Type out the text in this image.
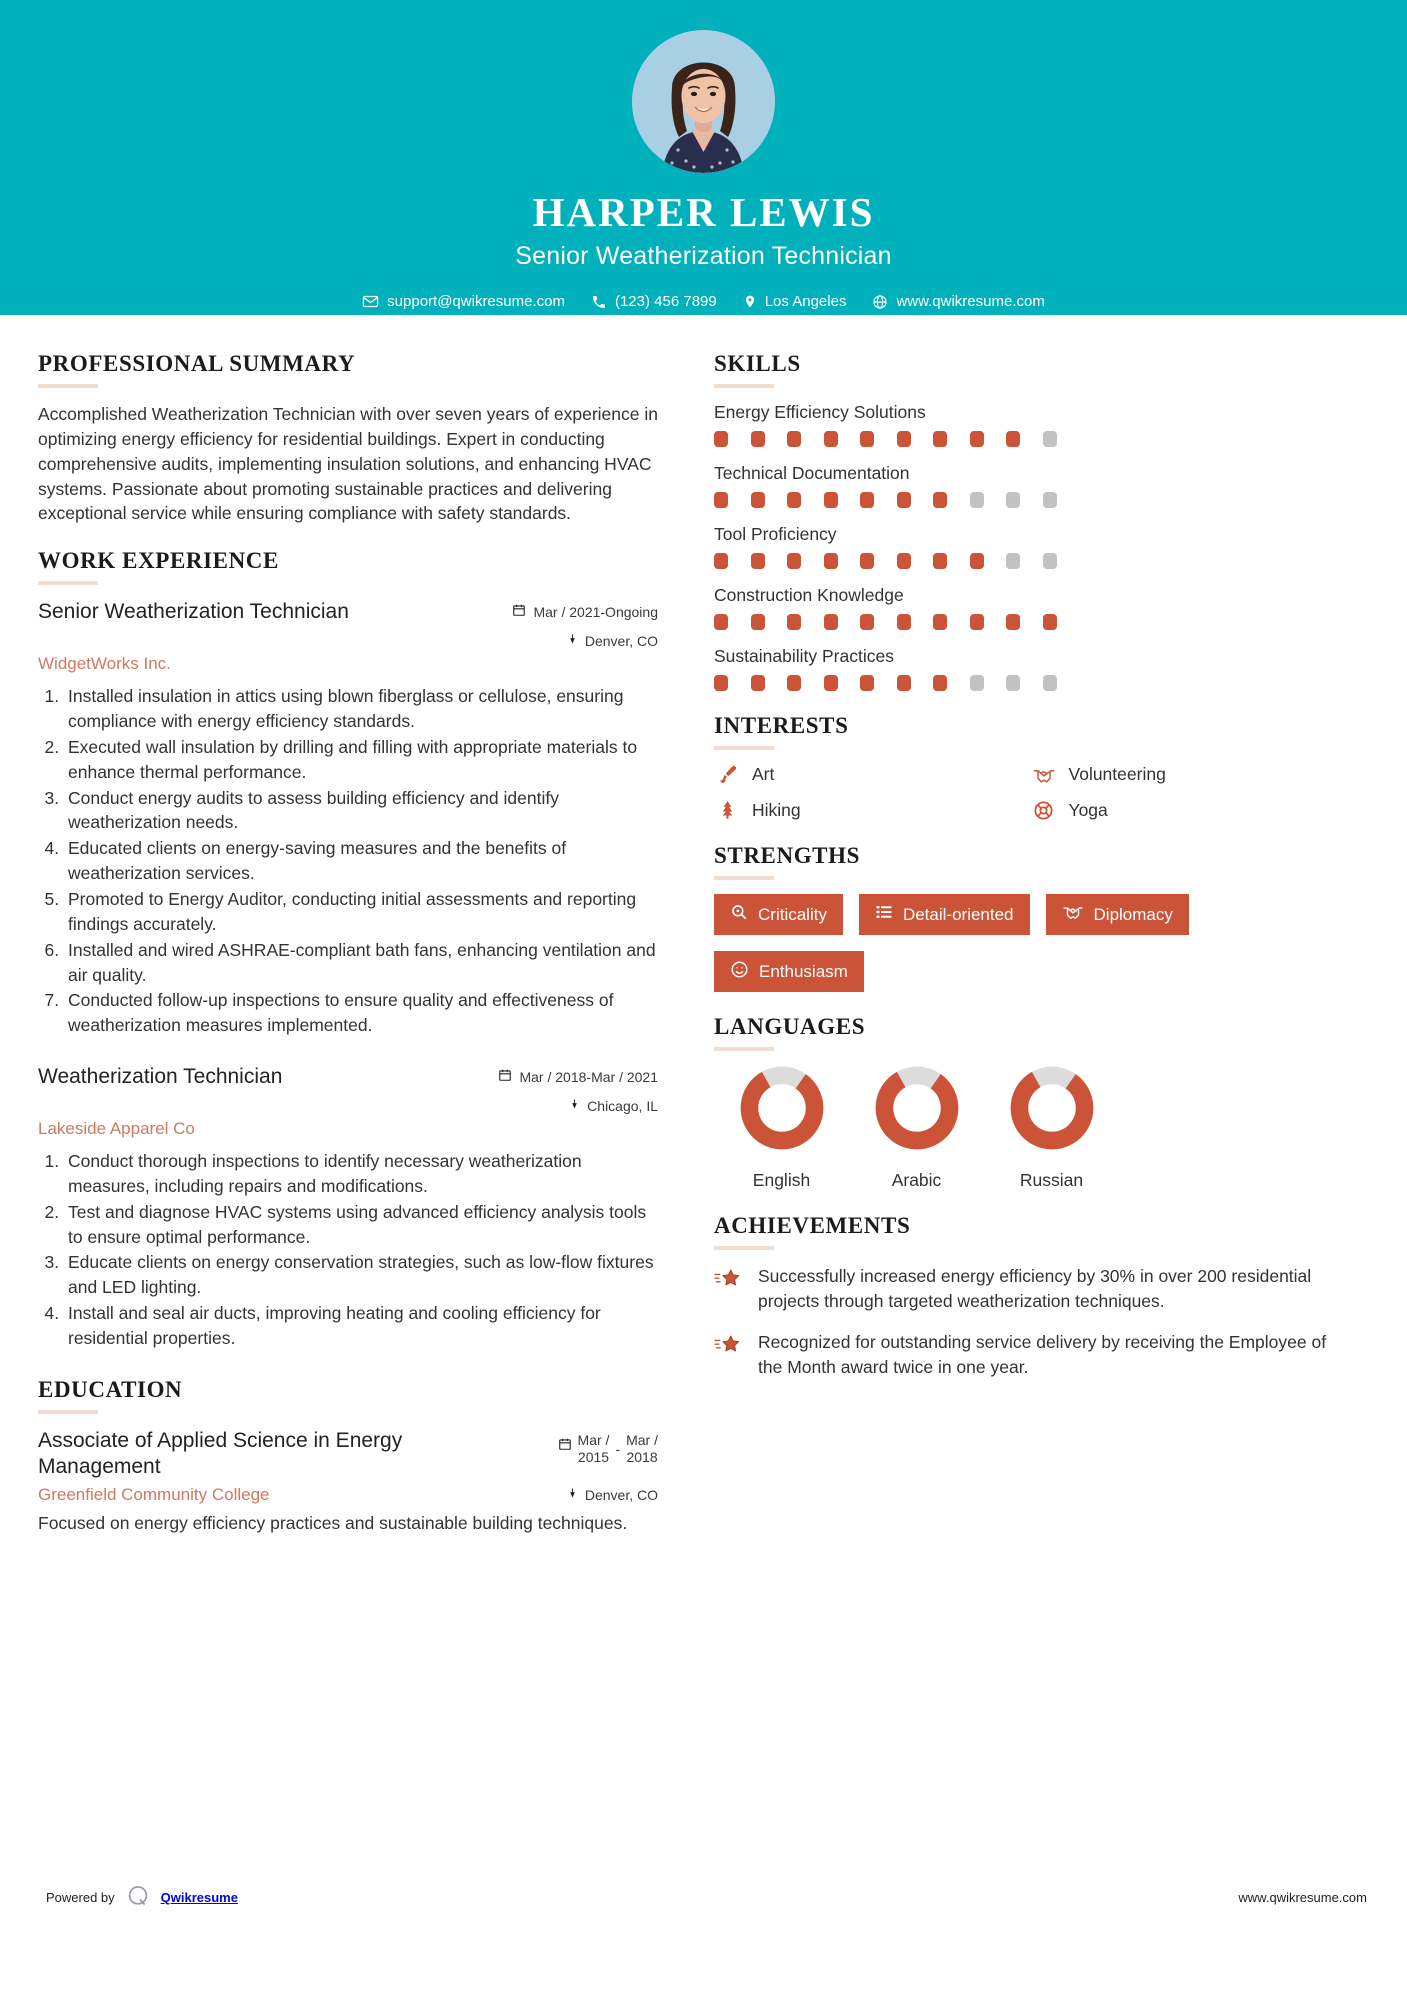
HARPER LEWIS
Senior Weatherization Technician
support@qwikresume.com	(123) 456 7899	Los Angeles	www.qwikresume.com
PROFESSIONAL SUMMARY

Accomplished Weatherization Technician with over seven years of experience in optimizing energy efficiency for residential buildings. Expert in conducting comprehensive audits, implementing insulation solutions, and enhancing HVAC systems. Passionate about promoting sustainable practices and delivering exceptional service while ensuring compliance with safety standards.

WORK EXPERIENCE
Senior Weatherization Technician	Mar / 2021-Ongoing
Denver, CO
WidgetWorks Inc.
1. Installed insulation in attics using blown fiberglass or cellulose, ensuring compliance with energy efficiency standards.
2. Executed wall insulation by drilling and filling with appropriate materials to enhance thermal performance.
3. Conduct energy audits to assess building efficiency and identify weatherization needs.
4. Educated clients on energy-saving measures and the benefits of weatherization services.
5. Promoted to Energy Auditor, conducting initial assessments and reporting findings accurately.
6. Installed and wired ASHRAE-compliant bath fans, enhancing ventilation and air quality.
7. Conducted follow-up inspections to ensure quality and effectiveness of weatherization measures implemented.
Weatherization Technician	Mar / 2018-Mar / 2021
Chicago, IL
Lakeside Apparel Co
1. Conduct thorough inspections to identify necessary weatherization measures, including repairs and modifications.
2. Test and diagnose HVAC systems using advanced efficiency analysis tools to ensure optimal performance.
3. Educate clients on energy conservation strategies, such as low-flow fixtures and LED lighting.
4. Install and seal air ducts, improving heating and cooling efficiency for residential properties.
EDUCATION
Associate of Applied Science in Energy Management
Mar /
2015
-
Mar /
2018
Greenfield Community College	Denver, CO

Focused on energy efficiency practices and sustainable building techniques.

SKILLS
Energy Efficiency Solutions
Technical Documentation
Tool Proficiency
Construction Knowledge
Sustainability Practices
INTERESTS
Art	Volunteering
Hiking	Yoga
STRENGTHS
Criticality	Detail-oriented	Diplomacy
Enthusiasm
LANGUAGES
English	Arabic	Russian
ACHIEVEMENTS
Successfully increased energy efficiency by 30% in over 200 residential projects through targeted weatherization techniques.
Recognized for outstanding service delivery by receiving the Employee of the Month award twice in one year.
Powered by	Qwikresume	www.qwikresume.com
